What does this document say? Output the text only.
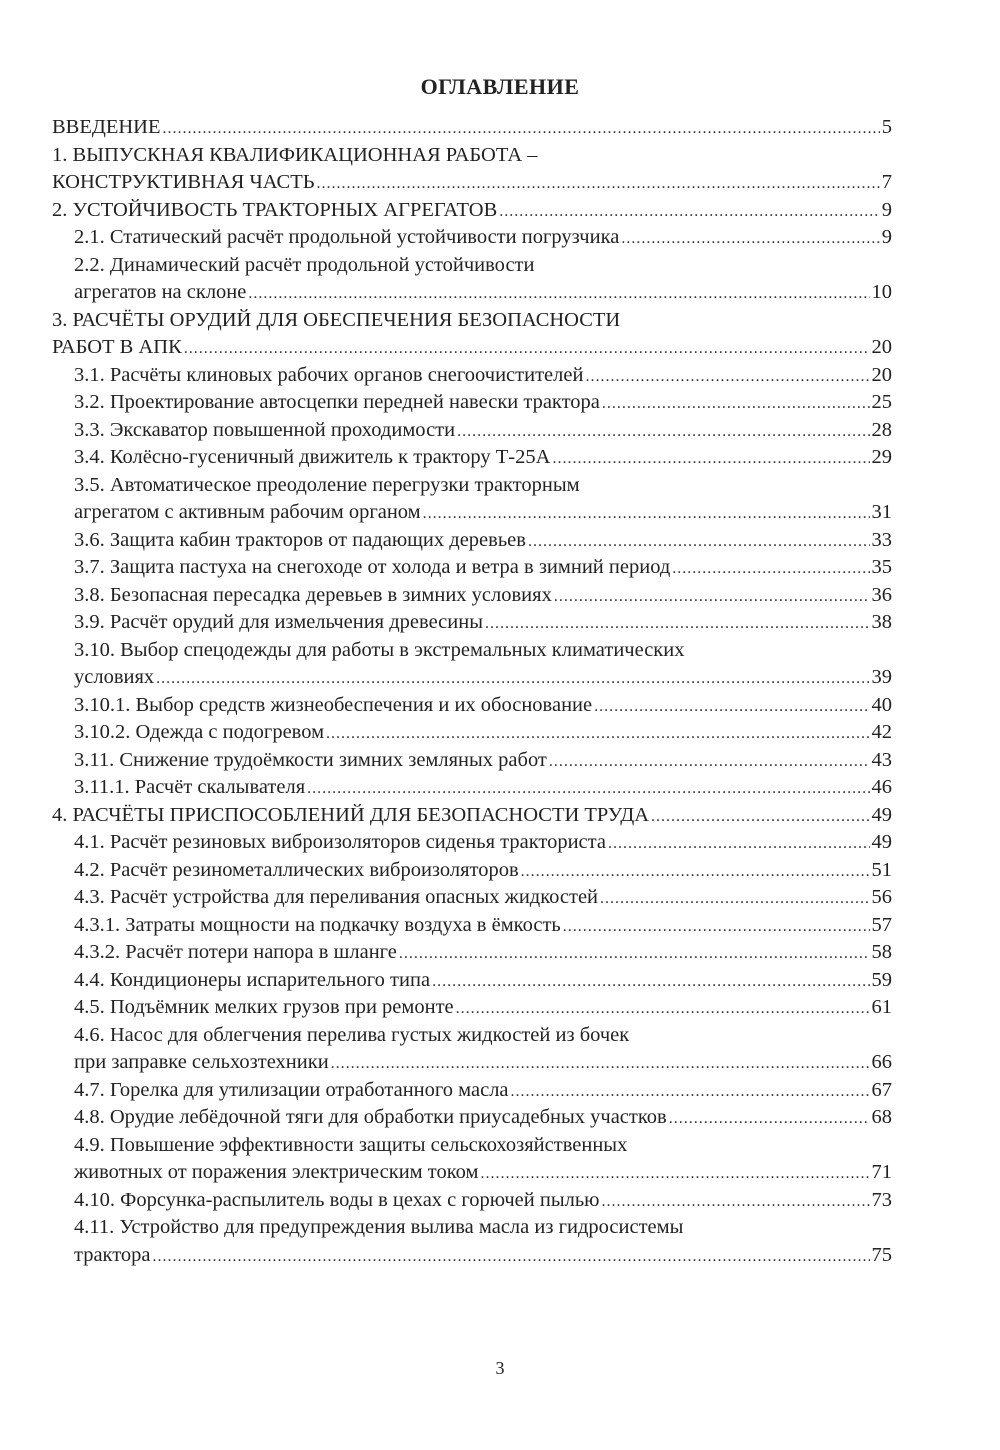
ОГЛАВЛЕНИЕ
ВВЕДЕНИЕ .....	5
1. ВЫПУСКНАЯ КВАЛИФИКАЦИОННАЯ РАБОТА –
КОНСТРУКТИВНАЯ ЧАСТЬ .....	7
2. УСТОЙЧИВОСТЬ ТРАКТОРНЫХ АГРЕГАТОВ .....	9
2.1. Статический расчёт продольной устойчивости погрузчика .....	9
2.2. Динамический расчёт продольной устойчивости
агрегатов на склоне .....	10
3. РАСЧЁТЫ ОРУДИЙ ДЛЯ ОБЕСПЕЧЕНИЯ БЕЗОПАСНОСТИ
РАБОТ В АПК .....	20
3.1. Расчёты клиновых рабочих органов снегоочистителей .....	20
3.2. Проектирование автосцепки передней навески трактора .....	25
3.3. Экскаватор повышенной проходимости .....	28
3.4. Колёсно-гусеничный движитель к трактору Т-25А .....	29
3.5. Автоматическое преодоление перегрузки тракторным
агрегатом с активным рабочим органом .....	31
3.6. Защита кабин тракторов от падающих деревьев .....	33
3.7. Защита пастуха на снегоходе от холода и ветра в зимний период .....	35
3.8. Безопасная пересадка деревьев в зимних условиях .....	36
3.9. Расчёт орудий для измельчения древесины .....	38
3.10. Выбор спецодежды для работы в экстремальных климатических
условиях .....	39
3.10.1. Выбор средств жизнеобеспечения и их обоснование .....	40
3.10.2. Одежда с подогревом .....	42
3.11. Снижение трудоёмкости зимних земляных работ .....	43
3.11.1. Расчёт скалывателя .....	46
4. РАСЧЁТЫ ПРИСПОСОБЛЕНИЙ ДЛЯ БЕЗОПАСНОСТИ ТРУДА .....	49
4.1. Расчёт резиновых виброизоляторов сиденья тракториста .....	49
4.2. Расчёт резинометаллических виброизоляторов .....	51
4.3. Расчёт устройства для переливания опасных жидкостей .....	56
4.3.1. Затраты мощности на подкачку воздуха в ёмкость .....	57
4.3.2. Расчёт потери напора в шланге .....	58
4.4. Кондиционеры испарительного типа .....	59
4.5. Подъёмник мелких грузов при ремонте .....	61
4.6. Насос для облегчения перелива густых жидкостей из бочек
при заправке сельхозтехники .....	66
4.7. Горелка для утилизации отработанного масла .....	67
4.8. Орудие лебёдочной тяги для обработки приусадебных участков .....	68
4.9. Повышение эффективности защиты сельскохозяйственных
животных от поражения электрическим током .....	71
4.10. Форсунка-распылитель воды в цехах с горючей пылью .....	73
4.11. Устройство для предупреждения вылива масла из гидросистемы
трактора .....	75
3
